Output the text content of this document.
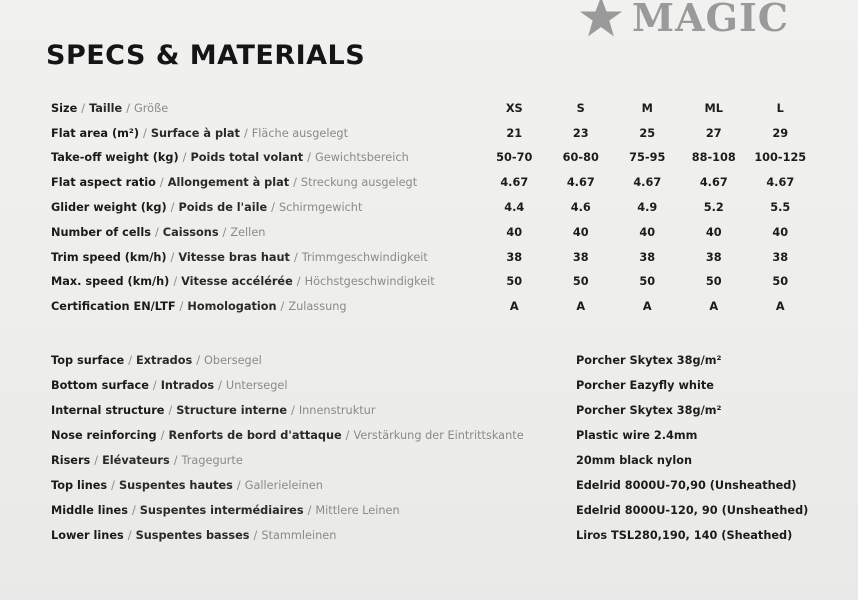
MAGIC
SPECS & MATERIALS
Size / Taille / Größe	XS	S	M	ML	L
Flat area (m²) / Surface à plat / Fläche ausgelegt	21	23	25	27	29
Take-off weight (kg) / Poids total volant / Gewichtsbereich	50-70	60-80	75-95	88-108	100-125
Flat aspect ratio / Allongement à plat / Streckung ausgelegt	4.67	4.67	4.67	4.67	4.67
Glider weight (kg) / Poids de l'aile / Schirmgewicht	4.4	4.6	4.9	5.2	5.5
Number of cells / Caissons / Zellen	40	40	40	40	40
Trim speed (km/h) / Vitesse bras haut / Trimmgeschwindigkeit	38	38	38	38	38
Max. speed (km/h) / Vitesse accélérée / Höchstgeschwindigkeit	50	50	50	50	50
Certification EN/LTF / Homologation / Zulassung	A	A	A	A	A
Top surface / Extrados / Obersegel	Porcher Skytex 38g/m²
Bottom surface / Intrados / Untersegel	Porcher Eazyfly white
Internal structure / Structure interne / Innenstruktur	Porcher Skytex 38g/m²
Nose reinforcing / Renforts de bord d'attaque / Verstärkung der Eintrittskante	Plastic wire 2.4mm
Risers / Elévateurs / Tragegurte	20mm black nylon
Top lines / Suspentes hautes / Gallerieleinen	Edelrid 8000U-70,90 (Unsheathed)
Middle lines / Suspentes intermédiaires / Mittlere Leinen	Edelrid 8000U-120, 90 (Unsheathed)
Lower lines / Suspentes basses / Stammleinen	Liros TSL280,190, 140 (Sheathed)
